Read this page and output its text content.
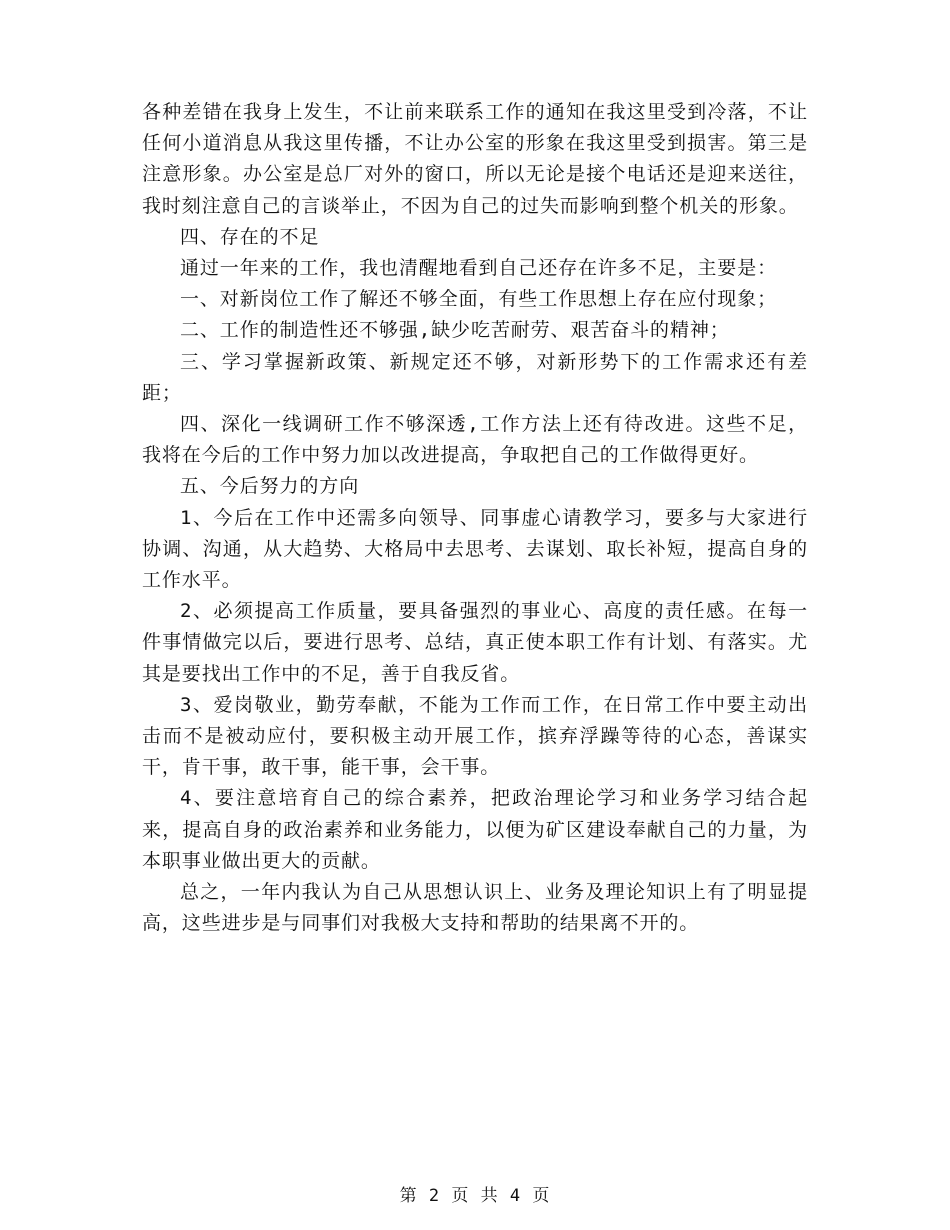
各种差错在我身上发生，不让前来联系工作的通知在我这里受到冷落，不让任何小道消息从我这里传播，不让办公室的形象在我这里受到损害。第三是注意形象。办公室是总厂对外的窗口，所以无论是接个电话还是迎来送往，我时刻注意自己的言谈举止，不因为自己的过失而影响到整个机关的形象。

四、存在的不足

通过一年来的工作，我也清醒地看到自己还存在许多不足，主要是：

一、对新岗位工作了解还不够全面，有些工作思想上存在应付现象；

二、工作的制造性还不够强,缺少吃苦耐劳、艰苦奋斗的精神；

三、学习掌握新政策、新规定还不够，对新形势下的工作需求还有差距；

四、深化一线调研工作不够深透,工作方法上还有待改进。这些不足，我将在今后的工作中努力加以改进提高，争取把自己的工作做得更好。

五、今后努力的方向

1、今后在工作中还需多向领导、同事虚心请教学习，要多与大家进行协调、沟通，从大趋势、大格局中去思考、去谋划、取长补短，提高自身的工作水平。

2、必须提高工作质量，要具备强烈的事业心、高度的责任感。在每一件事情做完以后，要进行思考、总结，真正使本职工作有计划、有落实。尤其是要找出工作中的不足，善于自我反省。

3、爱岗敬业，勤劳奉献，不能为工作而工作，在日常工作中要主动出击而不是被动应付，要积极主动开展工作，摈弃浮躁等待的心态，善谋实干，肯干事，敢干事，能干事，会干事。

4、要注意培育自己的综合素养，把政治理论学习和业务学习结合起来，提高自身的政治素养和业务能力，以便为矿区建设奉献自己的力量，为本职事业做出更大的贡献。

总之，一年内我认为自己从思想认识上、业务及理论知识上有了明显提高，这些进步是与同事们对我极大支持和帮助的结果离不开的。

第 2 页 共 4 页
